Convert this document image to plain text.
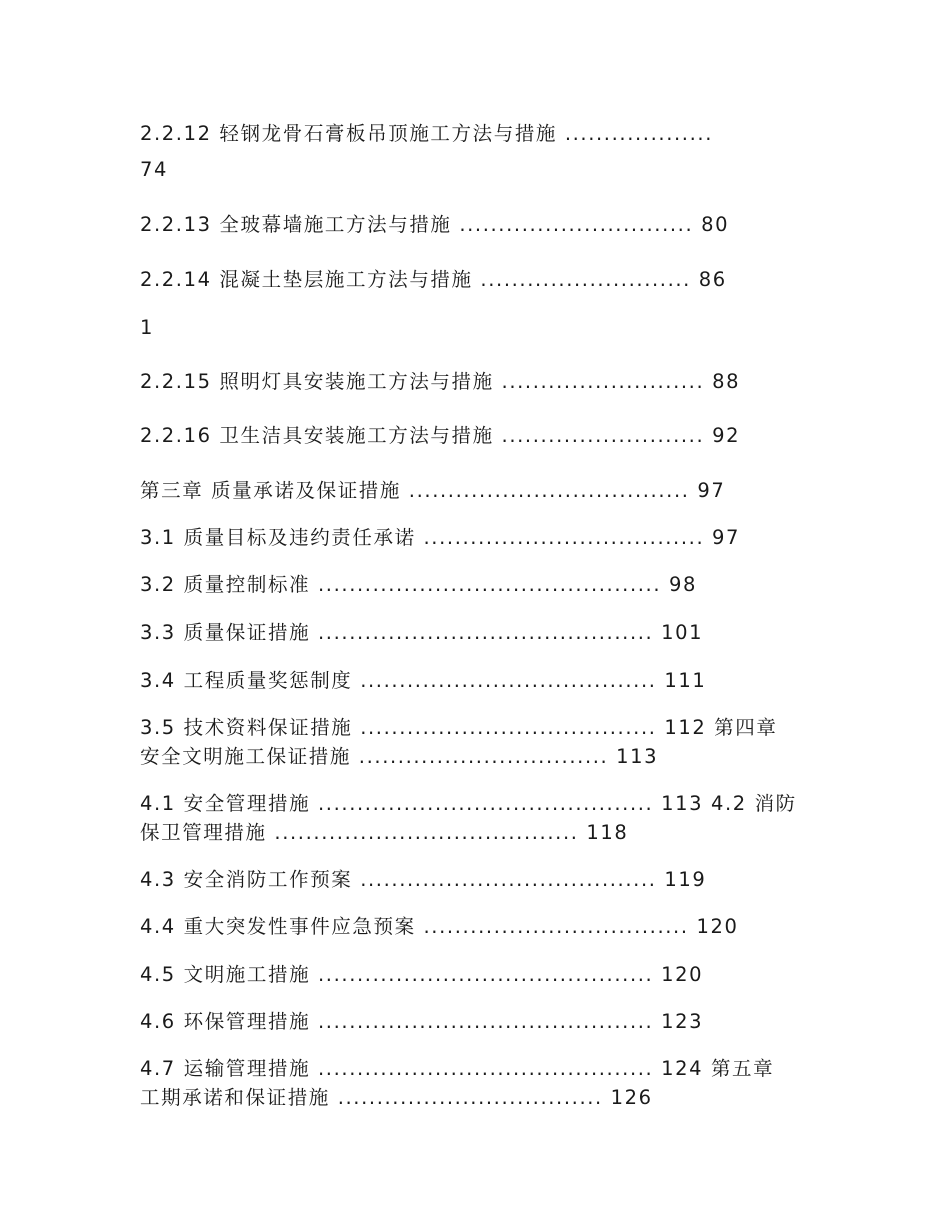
2.2.12 轻钢龙骨石膏板吊顶施工方法与措施 ...................
74
2.2.13 全玻幕墙施工方法与措施 .............................. 80
2.2.14 混凝土垫层施工方法与措施 ........................... 86
1
2.2.15 照明灯具安装施工方法与措施 .......................... 88
2.2.16 卫生洁具安装施工方法与措施 .......................... 92
第三章 质量承诺及保证措施 .................................... 97
3.1 质量目标及违约责任承诺 .................................... 97
3.2 质量控制标准 ............................................ 98
3.3 质量保证措施 ........................................... 101
3.4 工程质量奖惩制度 ...................................... 111
3.5 技术资料保证措施 ...................................... 112 第四章
安全文明施工保证措施 ................................ 113
4.1 安全管理措施 ........................................... 113 4.2 消防
保卫管理措施 ....................................... 118
4.3 安全消防工作预案 ...................................... 119
4.4 重大突发性事件应急预案 .................................. 120
4.5 文明施工措施 ........................................... 120
4.6 环保管理措施 ........................................... 123
4.7 运输管理措施 ........................................... 124 第五章
工期承诺和保证措施 .................................. 126
